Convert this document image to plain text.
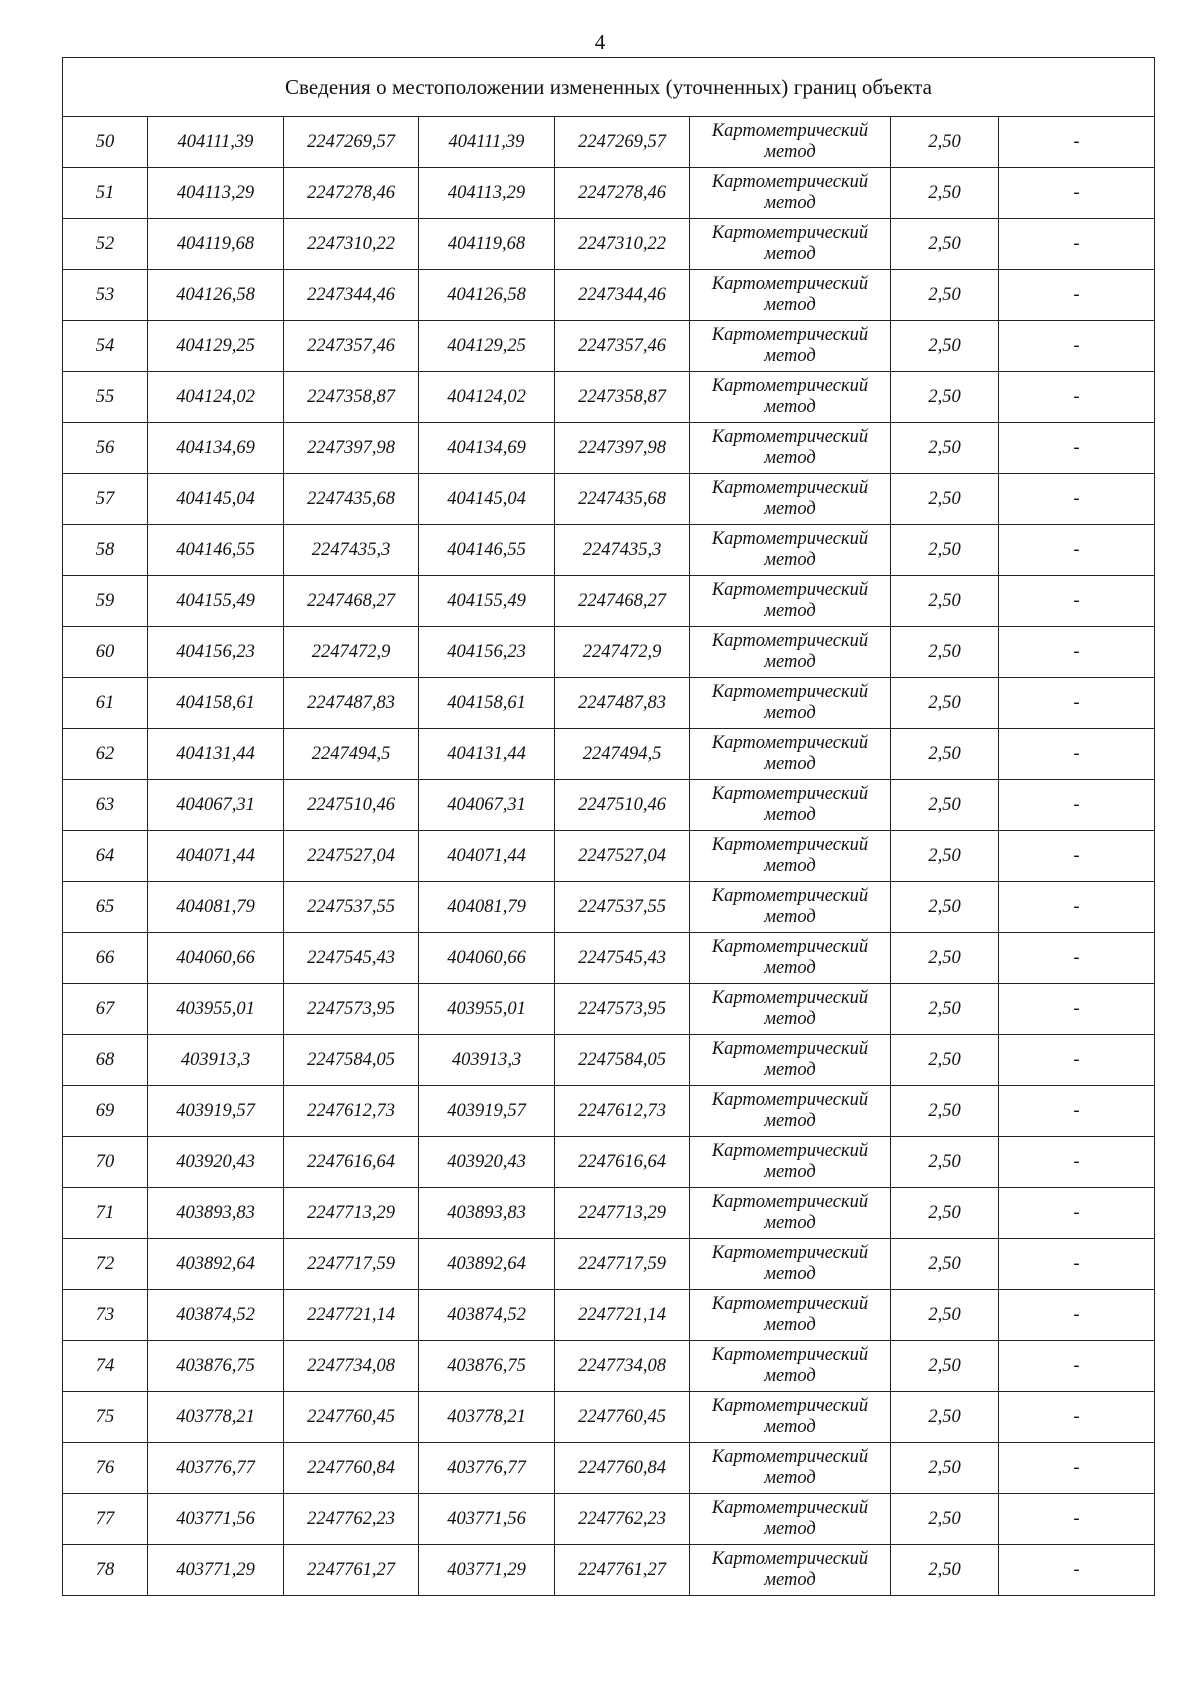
4
Сведения о местоположении измененных (уточненных) границ объекта							
50	404111,39	2247269,57	404111,39	2247269,57	Картометрический метод	2,50	-
51	404113,29	2247278,46	404113,29	2247278,46	Картометрический метод	2,50	-
52	404119,68	2247310,22	404119,68	2247310,22	Картометрический метод	2,50	-
53	404126,58	2247344,46	404126,58	2247344,46	Картометрический метод	2,50	-
54	404129,25	2247357,46	404129,25	2247357,46	Картометрический метод	2,50	-
55	404124,02	2247358,87	404124,02	2247358,87	Картометрический метод	2,50	-
56	404134,69	2247397,98	404134,69	2247397,98	Картометрический метод	2,50	-
57	404145,04	2247435,68	404145,04	2247435,68	Картометрический метод	2,50	-
58	404146,55	2247435,3	404146,55	2247435,3	Картометрический метод	2,50	-
59	404155,49	2247468,27	404155,49	2247468,27	Картометрический метод	2,50	-
60	404156,23	2247472,9	404156,23	2247472,9	Картометрический метод	2,50	-
61	404158,61	2247487,83	404158,61	2247487,83	Картометрический метод	2,50	-
62	404131,44	2247494,5	404131,44	2247494,5	Картометрический метод	2,50	-
63	404067,31	2247510,46	404067,31	2247510,46	Картометрический метод	2,50	-
64	404071,44	2247527,04	404071,44	2247527,04	Картометрический метод	2,50	-
65	404081,79	2247537,55	404081,79	2247537,55	Картометрический метод	2,50	-
66	404060,66	2247545,43	404060,66	2247545,43	Картометрический метод	2,50	-
67	403955,01	2247573,95	403955,01	2247573,95	Картометрический метод	2,50	-
68	403913,3	2247584,05	403913,3	2247584,05	Картометрический метод	2,50	-
69	403919,57	2247612,73	403919,57	2247612,73	Картометрический метод	2,50	-
70	403920,43	2247616,64	403920,43	2247616,64	Картометрический метод	2,50	-
71	403893,83	2247713,29	403893,83	2247713,29	Картометрический метод	2,50	-
72	403892,64	2247717,59	403892,64	2247717,59	Картометрический метод	2,50	-
73	403874,52	2247721,14	403874,52	2247721,14	Картометрический метод	2,50	-
74	403876,75	2247734,08	403876,75	2247734,08	Картометрический метод	2,50	-
75	403778,21	2247760,45	403778,21	2247760,45	Картометрический метод	2,50	-
76	403776,77	2247760,84	403776,77	2247760,84	Картометрический метод	2,50	-
77	403771,56	2247762,23	403771,56	2247762,23	Картометрический метод	2,50	-
78	403771,29	2247761,27	403771,29	2247761,27	Картометрический метод	2,50	-
